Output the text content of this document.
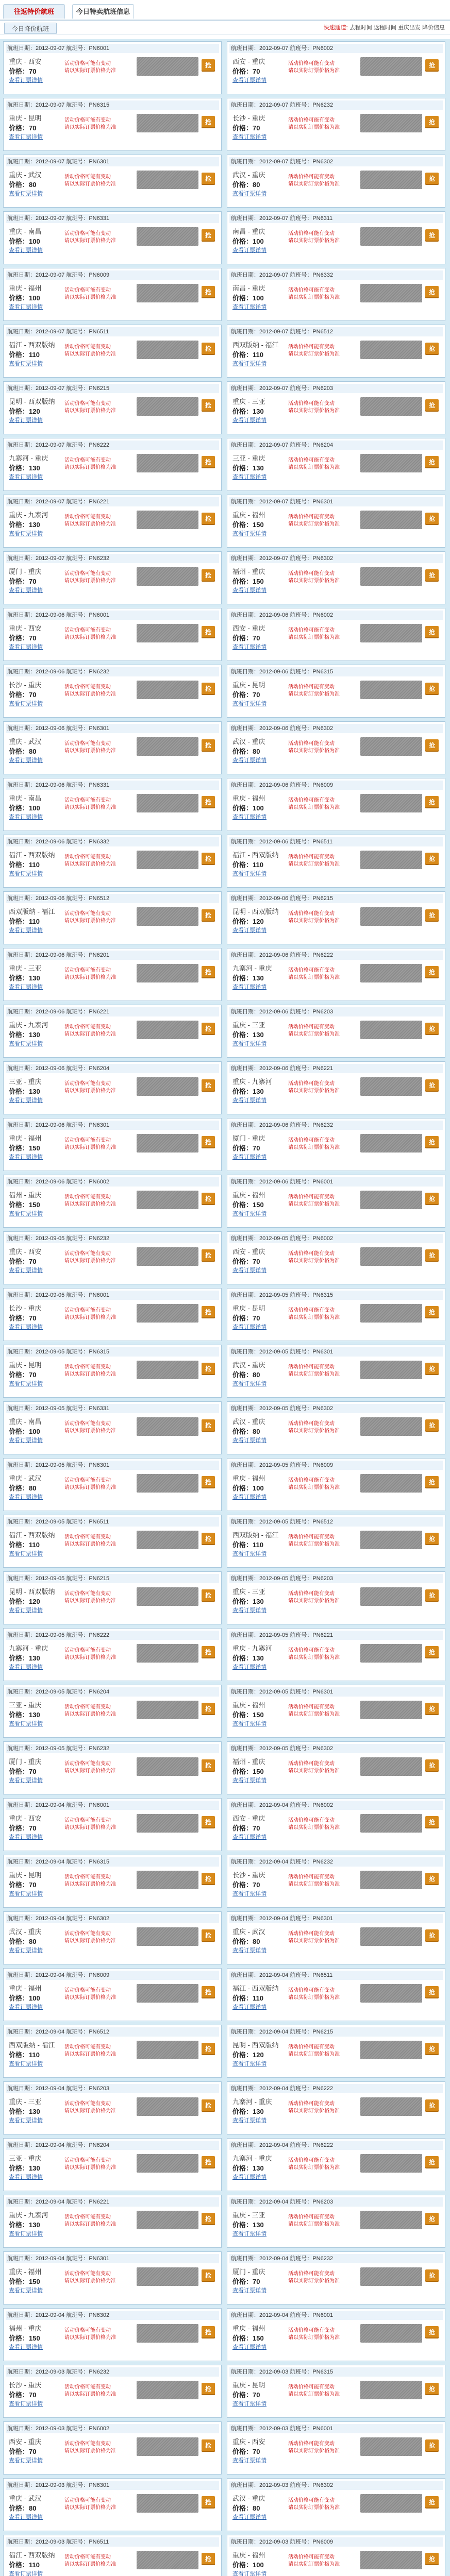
往返特价航班	今日特卖航班信息
今日降价航班	快速通道: 去程时间 返程时间 重庆出发 降价信息
航班日期：2012-09-07 航班号：PN6001
重庆 - 西安
价格：70
查看订票详情
活动价格可能有变动
请以实际订票价格为准
抢
航班日期：2012-09-07 航班号：PN6002
西安 - 重庆
价格：70
查看订票详情
活动价格可能有变动
请以实际订票价格为准
抢
航班日期：2012-09-07 航班号：PN6315
重庆 - 昆明
价格：70
查看订票详情
活动价格可能有变动
请以实际订票价格为准
抢
航班日期：2012-09-07 航班号：PN6232
长沙 - 重庆
价格：70
查看订票详情
活动价格可能有变动
请以实际订票价格为准
抢
航班日期：2012-09-07 航班号：PN6301
重庆 - 武汉
价格：80
查看订票详情
活动价格可能有变动
请以实际订票价格为准
抢
航班日期：2012-09-07 航班号：PN6302
武汉 - 重庆
价格：80
查看订票详情
活动价格可能有变动
请以实际订票价格为准
抢
航班日期：2012-09-07 航班号：PN6331
重庆 - 南昌
价格：100
查看订票详情
活动价格可能有变动
请以实际订票价格为准
抢
航班日期：2012-09-07 航班号：PN6311
南昌 - 重庆
价格：100
查看订票详情
活动价格可能有变动
请以实际订票价格为准
抢
航班日期：2012-09-07 航班号：PN6009
重庆 - 福州
价格：100
查看订票详情
活动价格可能有变动
请以实际订票价格为准
抢
航班日期：2012-09-07 航班号：PN6332
南昌 - 重庆
价格：100
查看订票详情
活动价格可能有变动
请以实际订票价格为准
抢
航班日期：2012-09-07 航班号：PN6511
福江 - 西双版纳
价格：110
查看订票详情
活动价格可能有变动
请以实际订票价格为准
抢
航班日期：2012-09-07 航班号：PN6512
西双版纳 - 福江
价格：110
查看订票详情
活动价格可能有变动
请以实际订票价格为准
抢
航班日期：2012-09-07 航班号：PN6215
昆明 - 西双版纳
价格：120
查看订票详情
活动价格可能有变动
请以实际订票价格为准
抢
航班日期：2012-09-07 航班号：PN6203
重庆 - 三亚
价格：130
查看订票详情
活动价格可能有变动
请以实际订票价格为准
抢
航班日期：2012-09-07 航班号：PN6222
九寨河 - 重庆
价格：130
查看订票详情
活动价格可能有变动
请以实际订票价格为准
抢
航班日期：2012-09-07 航班号：PN6204
三亚 - 重庆
价格：130
查看订票详情
活动价格可能有变动
请以实际订票价格为准
抢
航班日期：2012-09-07 航班号：PN6221
重庆 - 九寨河
价格：130
查看订票详情
活动价格可能有变动
请以实际订票价格为准
抢
航班日期：2012-09-07 航班号：PN6301
重庆 - 福州
价格：150
查看订票详情
活动价格可能有变动
请以实际订票价格为准
抢
航班日期：2012-09-07 航班号：PN6232
厦门 - 重庆
价格：70
查看订票详情
活动价格可能有变动
请以实际订票价格为准
抢
航班日期：2012-09-07 航班号：PN6302
福州 - 重庆
价格：150
查看订票详情
活动价格可能有变动
请以实际订票价格为准
抢
航班日期：2012-09-06 航班号：PN6001
重庆 - 西安
价格：70
查看订票详情
活动价格可能有变动
请以实际订票价格为准
抢
航班日期：2012-09-06 航班号：PN6002
西安 - 重庆
价格：70
查看订票详情
活动价格可能有变动
请以实际订票价格为准
抢
航班日期：2012-09-06 航班号：PN6232
长沙 - 重庆
价格：70
查看订票详情
活动价格可能有变动
请以实际订票价格为准
抢
航班日期：2012-09-06 航班号：PN6315
重庆 - 昆明
价格：70
查看订票详情
活动价格可能有变动
请以实际订票价格为准
抢
航班日期：2012-09-06 航班号：PN6301
重庆 - 武汉
价格：80
查看订票详情
活动价格可能有变动
请以实际订票价格为准
抢
航班日期：2012-09-06 航班号：PN6302
武汉 - 重庆
价格：80
查看订票详情
活动价格可能有变动
请以实际订票价格为准
抢
航班日期：2012-09-06 航班号：PN6331
重庆 - 南昌
价格：100
查看订票详情
活动价格可能有变动
请以实际订票价格为准
抢
航班日期：2012-09-06 航班号：PN6009
重庆 - 福州
价格：100
查看订票详情
活动价格可能有变动
请以实际订票价格为准
抢
航班日期：2012-09-06 航班号：PN6332
福江 - 西双版纳
价格：110
查看订票详情
活动价格可能有变动
请以实际订票价格为准
抢
航班日期：2012-09-06 航班号：PN6511
福江 - 西双版纳
价格：110
查看订票详情
活动价格可能有变动
请以实际订票价格为准
抢
航班日期：2012-09-06 航班号：PN6512
西双版纳 - 福江
价格：110
查看订票详情
活动价格可能有变动
请以实际订票价格为准
抢
航班日期：2012-09-06 航班号：PN6215
昆明 - 西双版纳
价格：120
查看订票详情
活动价格可能有变动
请以实际订票价格为准
抢
航班日期：2012-09-06 航班号：PN6201
重庆 - 三亚
价格：130
查看订票详情
活动价格可能有变动
请以实际订票价格为准
抢
航班日期：2012-09-06 航班号：PN6222
九寨河 - 重庆
价格：130
查看订票详情
活动价格可能有变动
请以实际订票价格为准
抢
航班日期：2012-09-06 航班号：PN6221
重庆 - 九寨河
价格：130
查看订票详情
活动价格可能有变动
请以实际订票价格为准
抢
航班日期：2012-09-06 航班号：PN6203
重庆 - 三亚
价格：130
查看订票详情
活动价格可能有变动
请以实际订票价格为准
抢
航班日期：2012-09-06 航班号：PN6204
三亚 - 重庆
价格：130
查看订票详情
活动价格可能有变动
请以实际订票价格为准
抢
航班日期：2012-09-06 航班号：PN6221
重庆 - 九寨河
价格：130
查看订票详情
活动价格可能有变动
请以实际订票价格为准
抢
航班日期：2012-09-06 航班号：PN6301
重庆 - 福州
价格：150
查看订票详情
活动价格可能有变动
请以实际订票价格为准
抢
航班日期：2012-09-06 航班号：PN6232
厦门 - 重庆
价格：70
查看订票详情
活动价格可能有变动
请以实际订票价格为准
抢
航班日期：2012-09-06 航班号：PN6002
福州 - 重庆
价格：150
查看订票详情
活动价格可能有变动
请以实际订票价格为准
抢
航班日期：2012-09-06 航班号：PN6001
重庆 - 福州
价格：150
查看订票详情
活动价格可能有变动
请以实际订票价格为准
抢
航班日期：2012-09-05 航班号：PN6232
重庆 - 西安
价格：70
查看订票详情
活动价格可能有变动
请以实际订票价格为准
抢
航班日期：2012-09-05 航班号：PN6002
西安 - 重庆
价格：70
查看订票详情
活动价格可能有变动
请以实际订票价格为准
抢
航班日期：2012-09-05 航班号：PN6001
长沙 - 重庆
价格：70
查看订票详情
活动价格可能有变动
请以实际订票价格为准
抢
航班日期：2012-09-05 航班号：PN6315
重庆 - 昆明
价格：70
查看订票详情
活动价格可能有变动
请以实际订票价格为准
抢
航班日期：2012-09-05 航班号：PN6315
重庆 - 昆明
价格：70
查看订票详情
活动价格可能有变动
请以实际订票价格为准
抢
航班日期：2012-09-05 航班号：PN6301
武汉 - 重庆
价格：80
查看订票详情
活动价格可能有变动
请以实际订票价格为准
抢
航班日期：2012-09-05 航班号：PN6331
重庆 - 南昌
价格：100
查看订票详情
活动价格可能有变动
请以实际订票价格为准
抢
航班日期：2012-09-05 航班号：PN6302
武汉 - 重庆
价格：80
查看订票详情
活动价格可能有变动
请以实际订票价格为准
抢
航班日期：2012-09-05 航班号：PN6301
重庆 - 武汉
价格：80
查看订票详情
活动价格可能有变动
请以实际订票价格为准
抢
航班日期：2012-09-05 航班号：PN6009
重庆 - 福州
价格：100
查看订票详情
活动价格可能有变动
请以实际订票价格为准
抢
航班日期：2012-09-05 航班号：PN6511
福江 - 西双版纳
价格：110
查看订票详情
活动价格可能有变动
请以实际订票价格为准
抢
航班日期：2012-09-05 航班号：PN6512
西双版纳 - 福江
价格：110
查看订票详情
活动价格可能有变动
请以实际订票价格为准
抢
航班日期：2012-09-05 航班号：PN6215
昆明 - 西双版纳
价格：120
查看订票详情
活动价格可能有变动
请以实际订票价格为准
抢
航班日期：2012-09-05 航班号：PN6203
重庆 - 三亚
价格：130
查看订票详情
活动价格可能有变动
请以实际订票价格为准
抢
航班日期：2012-09-05 航班号：PN6222
九寨河 - 重庆
价格：130
查看订票详情
活动价格可能有变动
请以实际订票价格为准
抢
航班日期：2012-09-05 航班号：PN6221
重庆 - 九寨河
价格：130
查看订票详情
活动价格可能有变动
请以实际订票价格为准
抢
航班日期：2012-09-05 航班号：PN6204
三亚 - 重庆
价格：130
查看订票详情
活动价格可能有变动
请以实际订票价格为准
抢
航班日期：2012-09-05 航班号：PN6301
重庆 - 福州
价格：150
查看订票详情
活动价格可能有变动
请以实际订票价格为准
抢
航班日期：2012-09-05 航班号：PN6232
厦门 - 重庆
价格：70
查看订票详情
活动价格可能有变动
请以实际订票价格为准
抢
航班日期：2012-09-05 航班号：PN6302
福州 - 重庆
价格：150
查看订票详情
活动价格可能有变动
请以实际订票价格为准
抢
航班日期：2012-09-04 航班号：PN6001
重庆 - 西安
价格：70
查看订票详情
活动价格可能有变动
请以实际订票价格为准
抢
航班日期：2012-09-04 航班号：PN6002
西安 - 重庆
价格：70
查看订票详情
活动价格可能有变动
请以实际订票价格为准
抢
航班日期：2012-09-04 航班号：PN6315
重庆 - 昆明
价格：70
查看订票详情
活动价格可能有变动
请以实际订票价格为准
抢
航班日期：2012-09-04 航班号：PN6232
长沙 - 重庆
价格：70
查看订票详情
活动价格可能有变动
请以实际订票价格为准
抢
航班日期：2012-09-04 航班号：PN6302
武汉 - 重庆
价格：80
查看订票详情
活动价格可能有变动
请以实际订票价格为准
抢
航班日期：2012-09-04 航班号：PN6301
重庆 - 武汉
价格：80
查看订票详情
活动价格可能有变动
请以实际订票价格为准
抢
航班日期：2012-09-04 航班号：PN6009
重庆 - 福州
价格：100
查看订票详情
活动价格可能有变动
请以实际订票价格为准
抢
航班日期：2012-09-04 航班号：PN6511
福江 - 西双版纳
价格：110
查看订票详情
活动价格可能有变动
请以实际订票价格为准
抢
航班日期：2012-09-04 航班号：PN6512
西双版纳 - 福江
价格：110
查看订票详情
活动价格可能有变动
请以实际订票价格为准
抢
航班日期：2012-09-04 航班号：PN6215
昆明 - 西双版纳
价格：120
查看订票详情
活动价格可能有变动
请以实际订票价格为准
抢
航班日期：2012-09-04 航班号：PN6203
重庆 - 三亚
价格：130
查看订票详情
活动价格可能有变动
请以实际订票价格为准
抢
航班日期：2012-09-04 航班号：PN6222
九寨河 - 重庆
价格：130
查看订票详情
活动价格可能有变动
请以实际订票价格为准
抢
航班日期：2012-09-04 航班号：PN6204
三亚 - 重庆
价格：130
查看订票详情
活动价格可能有变动
请以实际订票价格为准
抢
航班日期：2012-09-04 航班号：PN6222
九寨河 - 重庆
价格：130
查看订票详情
活动价格可能有变动
请以实际订票价格为准
抢
航班日期：2012-09-04 航班号：PN6221
重庆 - 九寨河
价格：130
查看订票详情
活动价格可能有变动
请以实际订票价格为准
抢
航班日期：2012-09-04 航班号：PN6203
重庆 - 三亚
价格：130
查看订票详情
活动价格可能有变动
请以实际订票价格为准
抢
航班日期：2012-09-04 航班号：PN6301
重庆 - 福州
价格：150
查看订票详情
活动价格可能有变动
请以实际订票价格为准
抢
航班日期：2012-09-04 航班号：PN6232
厦门 - 重庆
价格：70
查看订票详情
活动价格可能有变动
请以实际订票价格为准
抢
航班日期：2012-09-04 航班号：PN6302
福州 - 重庆
价格：150
查看订票详情
活动价格可能有变动
请以实际订票价格为准
抢
航班日期：2012-09-04 航班号：PN6001
重庆 - 福州
价格：150
查看订票详情
活动价格可能有变动
请以实际订票价格为准
抢
航班日期：2012-09-03 航班号：PN6232
长沙 - 重庆
价格：70
查看订票详情
活动价格可能有变动
请以实际订票价格为准
抢
航班日期：2012-09-03 航班号：PN6315
重庆 - 昆明
价格：70
查看订票详情
活动价格可能有变动
请以实际订票价格为准
抢
航班日期：2012-09-03 航班号：PN6002
西安 - 重庆
价格：70
查看订票详情
活动价格可能有变动
请以实际订票价格为准
抢
航班日期：2012-09-03 航班号：PN6001
重庆 - 西安
价格：70
查看订票详情
活动价格可能有变动
请以实际订票价格为准
抢
航班日期：2012-09-03 航班号：PN6301
重庆 - 武汉
价格：80
查看订票详情
活动价格可能有变动
请以实际订票价格为准
抢
航班日期：2012-09-03 航班号：PN6302
武汉 - 重庆
价格：80
查看订票详情
活动价格可能有变动
请以实际订票价格为准
抢
航班日期：2012-09-03 航班号：PN6511
福江 - 西双版纳
价格：110
查看订票详情
活动价格可能有变动
请以实际订票价格为准
抢
航班日期：2012-09-03 航班号：PN6009
重庆 - 福州
价格：100
查看订票详情
活动价格可能有变动
请以实际订票价格为准
抢
